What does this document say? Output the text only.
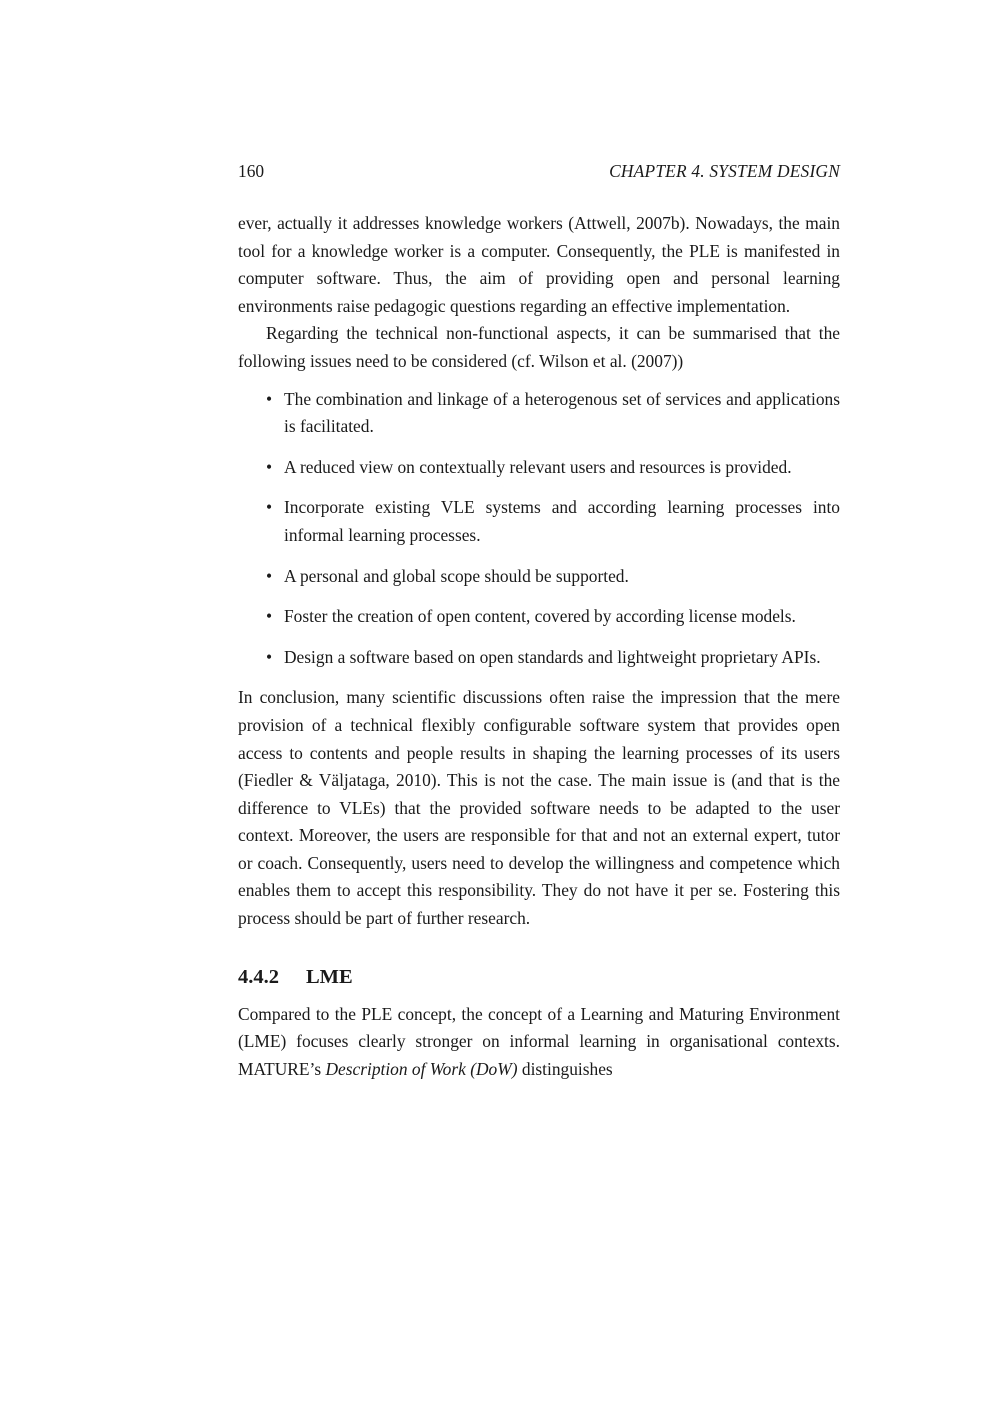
160	CHAPTER 4. SYSTEM DESIGN

ever, actually it addresses knowledge workers (Attwell, 2007b). Nowadays, the main tool for a knowledge worker is a computer. Consequently, the PLE is manifested in computer software. Thus, the aim of providing open and personal learning environments raise pedagogic questions regarding an effective implementation.

Regarding the technical non-functional aspects, it can be summarised that the following issues need to be considered (cf. Wilson et al. (2007))

• The combination and linkage of a heterogenous set of services and applications is facilitated.
• A reduced view on contextually relevant users and resources is provided.
• Incorporate existing VLE systems and according learning processes into informal learning processes.
• A personal and global scope should be supported.
• Foster the creation of open content, covered by according license models.
• Design a software based on open standards and lightweight proprietary APIs.

In conclusion, many scientific discussions often raise the impression that the mere provision of a technical flexibly configurable software system that provides open access to contents and people results in shaping the learning processes of its users (Fiedler & Väljataga, 2010). This is not the case. The main issue is (and that is the difference to VLEs) that the provided software needs to be adapted to the user context. Moreover, the users are responsible for that and not an external expert, tutor or coach. Consequently, users need to develop the willingness and competence which enables them to accept this responsibility. They do not have it per se. Fostering this process should be part of further research.

4.4.2 LME

Compared to the PLE concept, the concept of a Learning and Maturing Environment (LME) focuses clearly stronger on informal learning in organisational contexts. MATURE’s Description of Work (DoW) distinguishes
